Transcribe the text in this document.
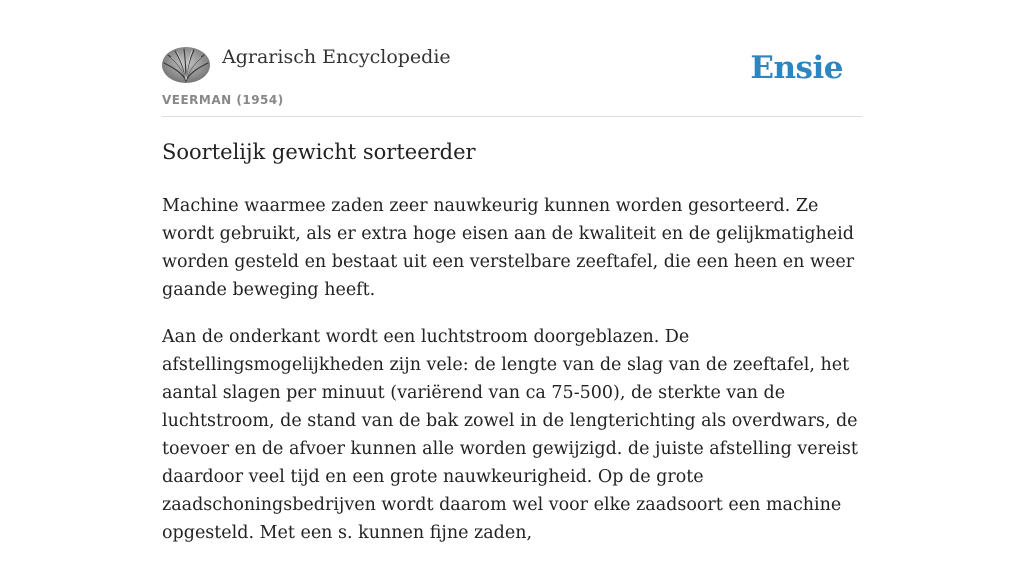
Agrarisch Encyclopedie
VEERMAN (1954)
Ensie
Soortelijk gewicht sorteerder

Machine waarmee zaden zeer nauwkeurig kunnen worden gesorteerd. Ze wordt gebruikt, als er extra hoge eisen aan de kwaliteit en de gelijkmatigheid worden gesteld en bestaat uit een verstelbare zeeftafel, die een heen en weer gaande beweging heeft.

Aan de onderkant wordt een luchtstroom doorgeblazen. De afstellingsmogelijkheden zijn vele: de lengte van de slag van de zeeftafel, het aantal slagen per minuut (variërend van ca 75-500), de sterkte van de luchtstroom, de stand van de bak zowel in de lengterichting als overdwars, de toevoer en de afvoer kunnen alle worden gewijzigd. de juiste afstelling vereist daardoor veel tijd en een grote nauwkeurigheid. Op de grote zaadschoningsbedrijven wordt daarom wel voor elke zaadsoort een machine opgesteld. Met een s. kunnen fijne zaden,
